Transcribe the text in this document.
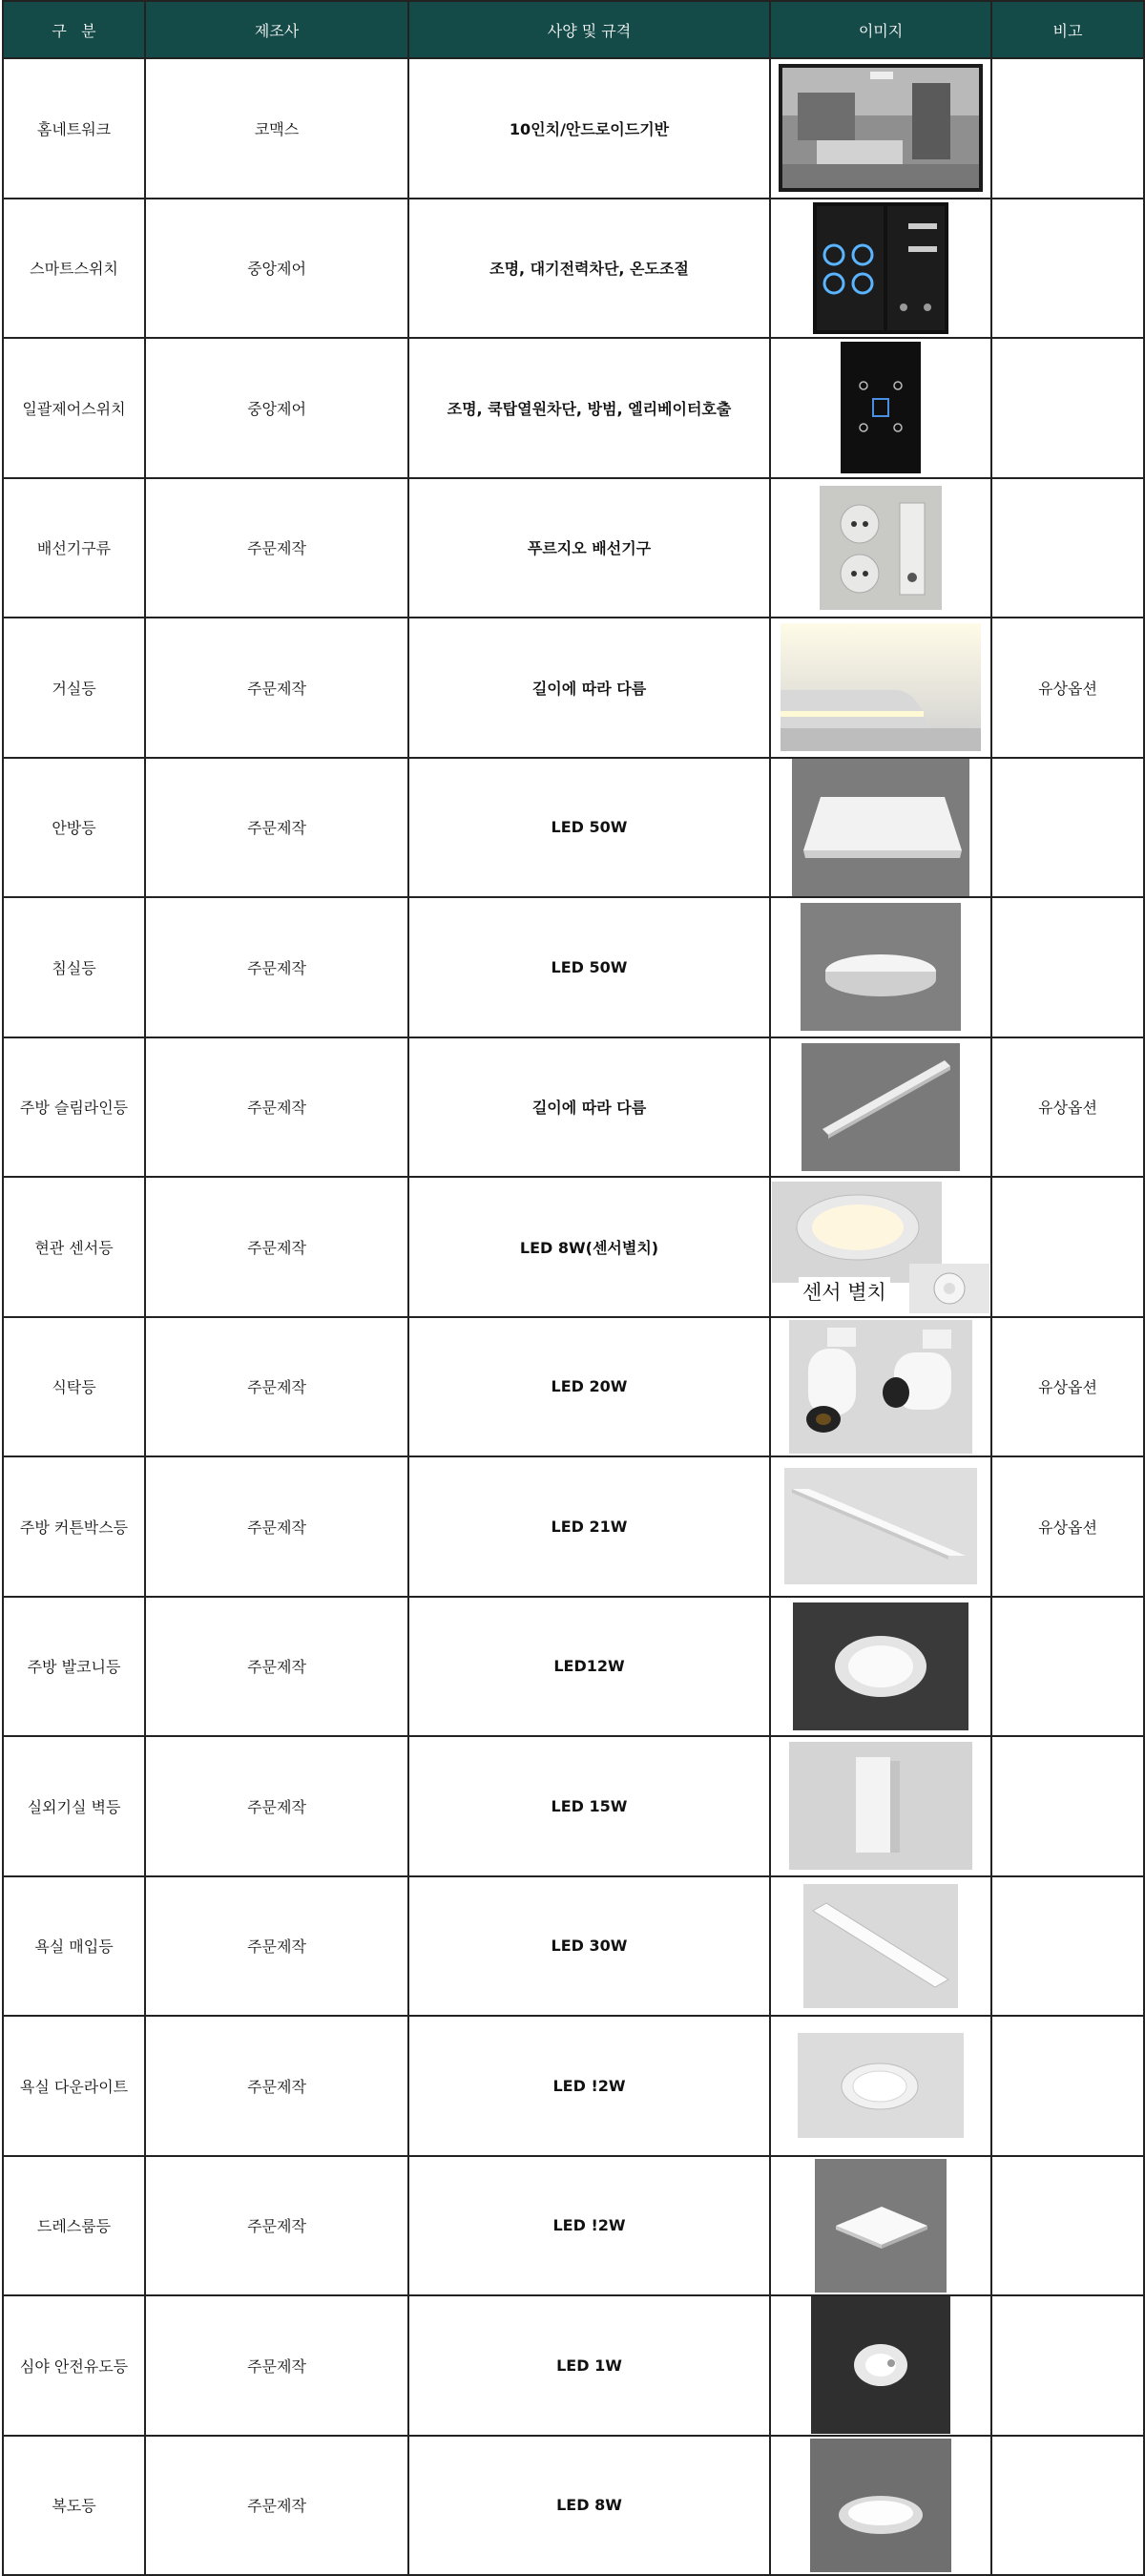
구   분	제조사	사양 및 규격	이미지	비고
홈네트워크	코맥스	10인치/안드로이드기반	

스마트스위치	중앙제어	조명, 대기전력차단, 온도조절	

일괄제어스위치	중앙제어	조명, 쿡탑열원차단, 방범, 엘리베이터호출	

배선기구류	주문제작	푸르지오 배선기구	

거실등	주문제작	길이에 따라 다름		유상옵션
안방등	주문제작	LED 50W	

침실등	주문제작	LED 50W	

주방 슬림라인등	주문제작	길이에 따라 다름		유상옵션
현관 센서등	주문제작	LED 8W(센서별치)	센서 별치	

식탁등	주문제작	LED 20W		유상옵션
주방 커튼박스등	주문제작	LED 21W		유상옵션
주방 발코니등	주문제작	LED12W	

실외기실 벽등	주문제작	LED 15W	

욕실 매입등	주문제작	LED 30W	

욕실 다운라이트	주문제작	LED !2W	

드레스룸등	주문제작	LED !2W	

심야 안전유도등	주문제작	LED 1W	

복도등	주문제작	LED 8W	
